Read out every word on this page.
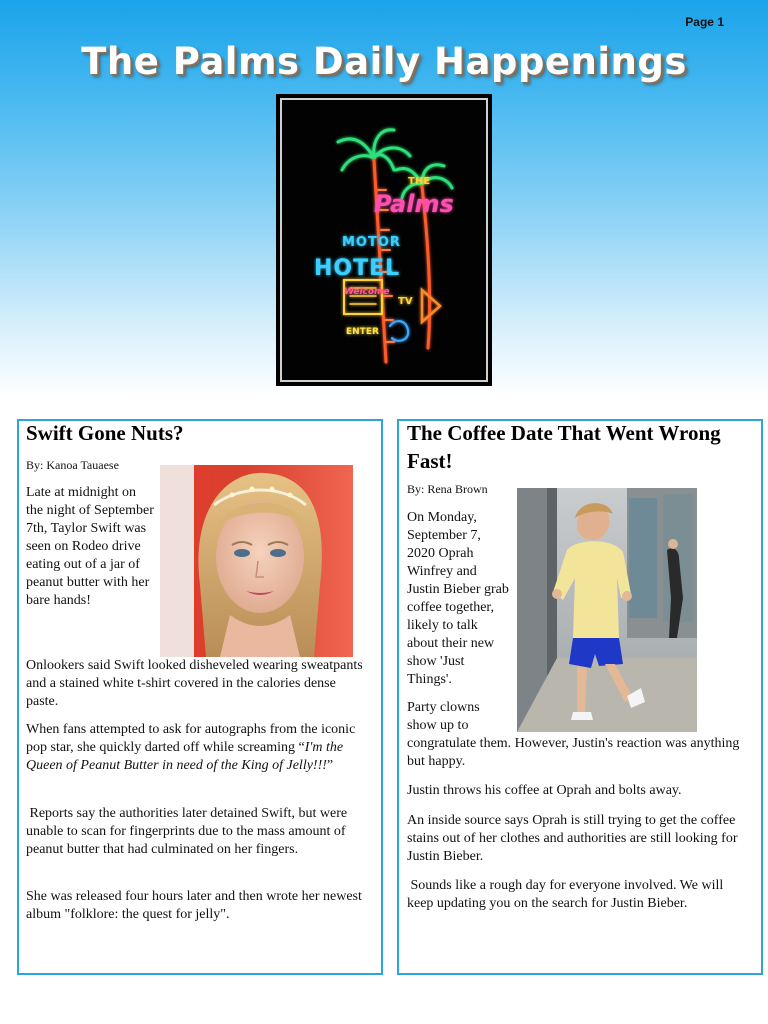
Page 1
The Palms Daily Happenings
THE
Palms
MOTOR
HOTEL
Welcome
TV
ENTER
Swift Gone Nuts?

By: Kanoa Tauaese

Late at midnight on the night of September 7th, Taylor Swift was seen on Rodeo drive eating out of a jar of peanut butter with her bare hands!

Onlookers said Swift looked disheveled wearing sweatpants and a stained white t-shirt covered in the calories dense paste.

When fans attempted to ask for autographs from the iconic pop star, she quickly darted off while screaming “I'm the Queen of Peanut Butter in need of the King of Jelly!!!”

Reports say the authorities later detained Swift, but were unable to scan for fingerprints due to the mass amount of peanut butter that had culminated on her fingers.

She was released four hours later and then wrote her newest album "folklore: the quest for jelly".

The Coffee Date That Went Wrong Fast!

By: Rena Brown

On Monday, September 7, 2020 Oprah Winfrey and Justin Bieber grab coffee together, likely to talk about their new show 'Just Things'.

Party clowns show up to

congratulate them. However, Justin's reaction was anything but happy.

Justin throws his coffee at Oprah and bolts away.

An inside source says Oprah is still trying to get the coffee stains out of her clothes and authorities are still looking for Justin Bieber.

Sounds like a rough day for everyone involved. We will keep updating you on the search for Justin Bieber.
